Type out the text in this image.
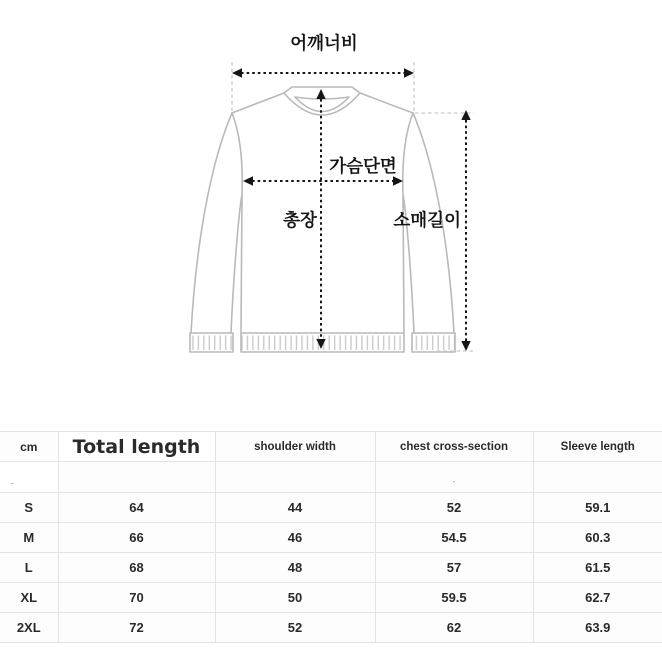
어깨너비
가슴단면
총장	소매길이
cm	Total length	shoulder width	chest cross-section	Sleeve length
-			-	
S	64	44	52	59.1
M	66	46	54.5	60.3
L	68	48	57	61.5
XL	70	50	59.5	62.7
2XL	72	52	62	63.9
